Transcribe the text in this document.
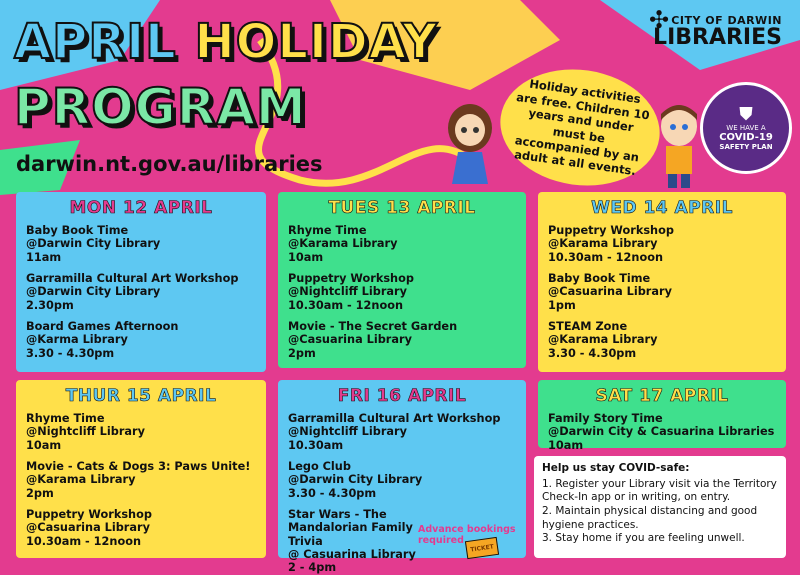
APRIL HOLIDAY
PROGRAM
darwin.nt.gov.au/libraries
✣ CITY OF DARWIN
LIBRARIES
Holiday activities are free. Children 10 years and under must be accompanied by an adult at all events.
⛊
WE HAVE A
COVID-19
SAFETY PLAN
MON 12 APRIL
Baby Book Time
@Darwin City Library
11am
Garramilla Cultural Art Workshop
@Darwin City Library
2.30pm
Board Games Afternoon
@Karma Library
3.30 - 4.30pm
TUES 13 APRIL
Rhyme Time
@Karama Library
10am
Puppetry Workshop
@Nightcliff Library
10.30am - 12noon
Movie - The Secret Garden
@Casuarina Library
2pm
WED 14 APRIL
Puppetry Workshop
@Karama Library
10.30am - 12noon
Baby Book Time
@Casuarina Library
1pm
STEAM Zone
@Karama Library
3.30 - 4.30pm
THUR 15 APRIL
Rhyme Time
@Nightcliff Library
10am
Movie - Cats & Dogs 3: Paws Unite!
@Karama Library
2pm
Puppetry Workshop
@Casuarina Library
10.30am - 12noon
FRI 16 APRIL
Garramilla Cultural Art Workshop
@Nightcliff Library
10.30am
Lego Club
@Darwin City Library
3.30 - 4.30pm
Star Wars - The Mandalorian Family Trivia
@ Casuarina Library
2 - 4pm
Advance bookings
required
TICKET
SAT 17 APRIL
Family Story Time
@Darwin City & Casuarina Libraries
10am
Help us stay COVID-safe:
1. Register your Library visit via the Territory Check-In app or in writing, on entry.
2. Maintain physical distancing and good hygiene practices.
3. Stay home if you are feeling unwell.
